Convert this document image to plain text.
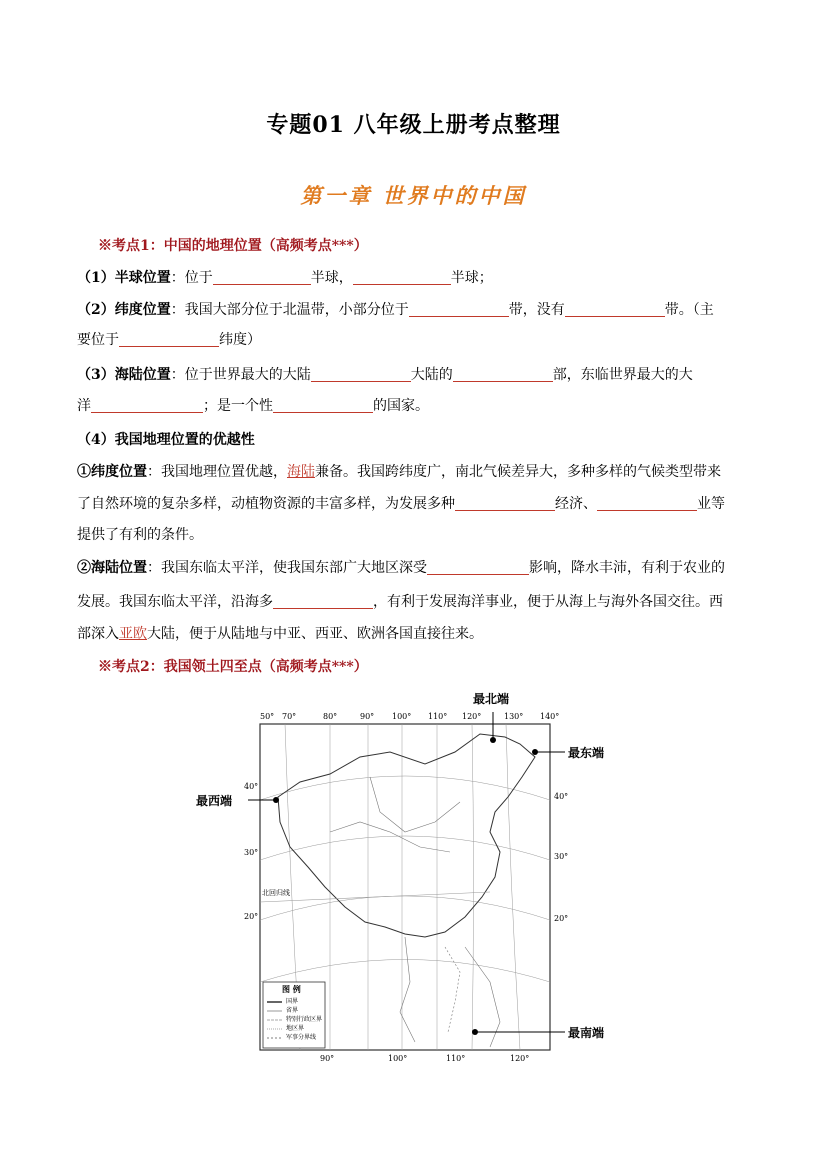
专题01 八年级上册考点整理
第一章 世界中的中国
※考点1：中国的地理位置（高频考点***）
（1）半球位置：位于	半球，	半球；
（2）纬度位置：我国大部分位于北温带，小部分位于	带，没有	带。（主
要位于	纬度）
（3）海陆位置：位于世界最大的大陆	大陆的	部，东临世界最大的大
洋	；是一个性	的国家。
（4）我国地理位置的优越性
①纬度位置：我国地理位置优越，海陆兼备。我国跨纬度广，南北气候差异大，多种多样的气候类型带来
了自然环境的复杂多样，动植物资源的丰富多样，为发展多种	经济、	业等
提供了有利的条件。
②海陆位置：我国东临太平洋，使我国东部广大地区深受	影响，降水丰沛，有利于农业的
发展。我国东临太平洋，沿海多	，有利于发展海洋事业，便于从海上与海外各国交往。西
部深入亚欧大陆，便于从陆地与中亚、西亚、欧洲各国直接往来。
※考点2：我国领土四至点（高频考点***）
最北端
最东端
最西端
最南端
50° 70°	80°	90° 100° 110° 120°	130° 140°
90°	100°	110°	120°
40°
30°
20°
40°
30°
20°
北回归线
图 例
国界
省界
特别行政区界
地区界
军事分界线
